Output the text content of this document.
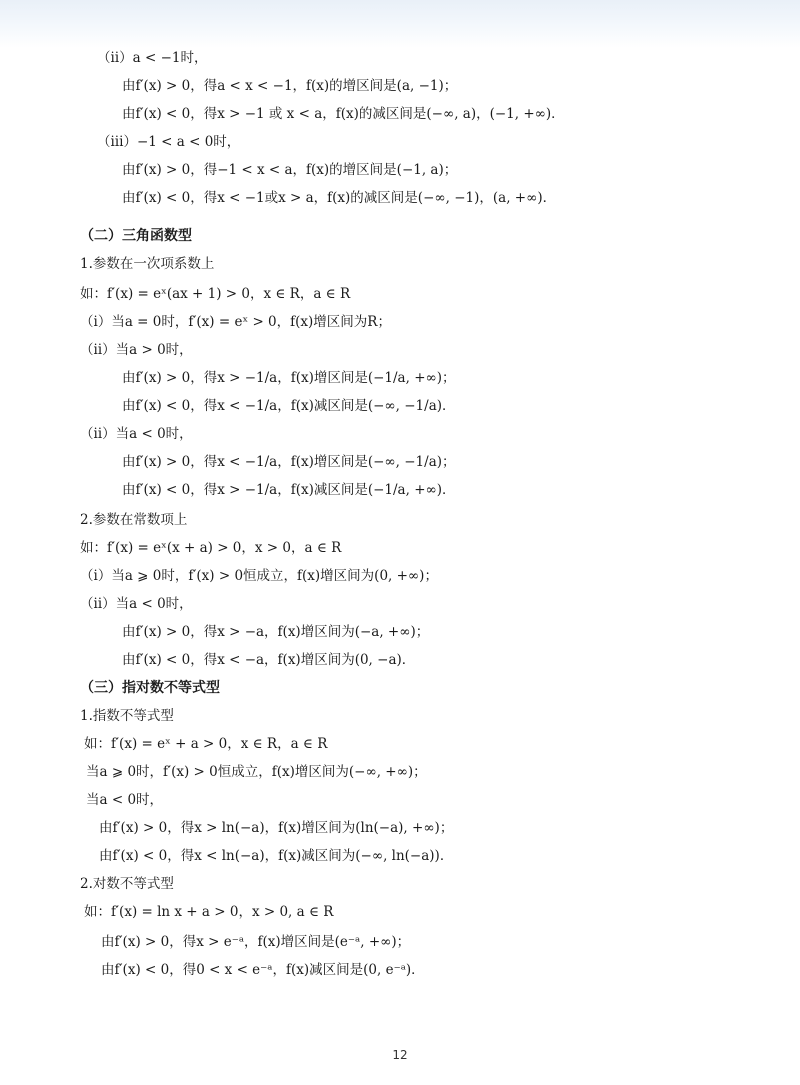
（ⅱ）a < −1时，
由f′(x) > 0，得a < x < −1，f(x)的增区间是(a, −1)；
由f′(x) < 0，得x > −1 或 x < a，f(x)的减区间是(−∞, a)，(−1, +∞)．
（ⅲ）−1 < a < 0时，
由f′(x) > 0，得−1 < x < a，f(x)的增区间是(−1, a)；
由f′(x) < 0，得x < −1或x > a，f(x)的减区间是(−∞, −1)，(a, +∞)．
（二）三角函数型
1.参数在一次项系数上
如：f′(x) = eˣ(ax + 1) > 0，x ∈ R，a ∈ R
（ⅰ）当a = 0时，f′(x) = eˣ > 0，f(x)增区间为R；
（ⅱ）当a > 0时，
由f′(x) > 0，得x > −1/a，f(x)增区间是(−1/a, +∞)；
由f′(x) < 0，得x < −1/a，f(x)减区间是(−∞, −1/a)．
（ⅱ）当a < 0时，
由f′(x) > 0，得x < −1/a，f(x)增区间是(−∞, −1/a)；
由f′(x) < 0，得x > −1/a，f(x)减区间是(−1/a, +∞)．
2.参数在常数项上
如：f′(x) = eˣ(x + a) > 0，x > 0，a ∈ R
（ⅰ）当a ⩾ 0时，f′(x) > 0恒成立，f(x)增区间为(0, +∞)；
（ⅱ）当a < 0时，
由f′(x) > 0，得x > −a，f(x)增区间为(−a, +∞)；
由f′(x) < 0，得x < −a，f(x)增区间为(0, −a)．
（三）指对数不等式型
1.指数不等式型
如：f′(x) = eˣ + a > 0，x ∈ R，a ∈ R
当a ⩾ 0时，f′(x) > 0恒成立，f(x)增区间为(−∞, +∞)；
当a < 0时，
由f′(x) > 0，得x > ln(−a)，f(x)增区间为(ln(−a), +∞)；
由f′(x) < 0，得x < ln(−a)，f(x)减区间为(−∞, ln(−a))．
2.对数不等式型
如：f′(x) = ln x + a > 0，x > 0, a ∈ R
由f′(x) > 0，得x > e⁻ᵃ，f(x)增区间是(e⁻ᵃ, +∞)；
由f′(x) < 0，得0 < x < e⁻ᵃ，f(x)减区间是(0, e⁻ᵃ)．
12
